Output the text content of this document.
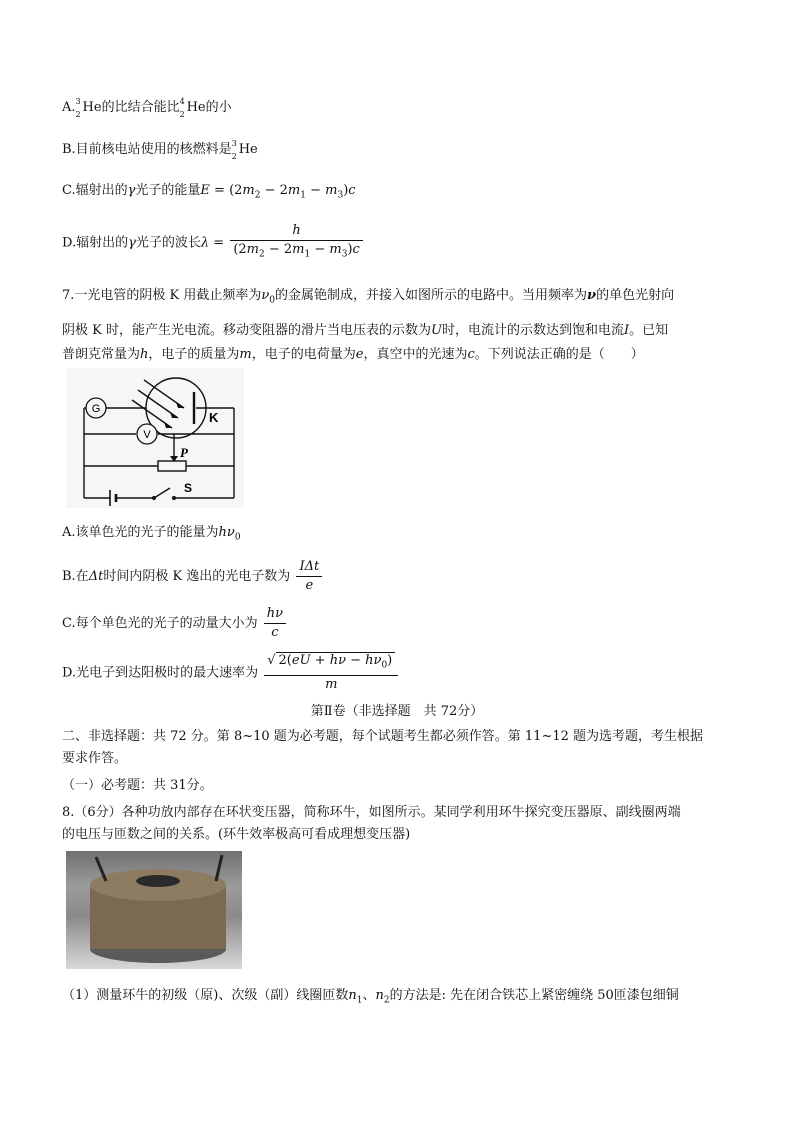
A. 3
2 He的比结合能比 4
2 He的小
B.目前核电站使用的核燃料是 3
2 He
C.辐射出的γ光子的能量$E = (2m_2 - 2m_1 - m_3)c$
D.辐射出的γ光子的波长$\lambda = \frac{h}{(2m_2 - 2m_1 - m_3)c}$
7.一光电管的阴极 K 用截止频率为$\nu_0$的金属铯制成，并接入如图所示的电路中。当用频率为ν的单色光射向
阴极 K 时，能产生光电流。移动变阻器的滑片当电压表的示数为U时，电流计的示数达到饱和电流I。已知
普朗克常量为h，电子的质量为m，电子的电荷量为e，真空中的光速为c。下列说法正确的是（　　）
G
V
K
P
S
A.该单色光的光子的能量为$h\nu_0$
B.在Δt时间内阴极 K 逸出的光电子数为 $\frac{\text{IΔt}}{e}$
C.每个单色光的光子的动量大小为 $\frac{h\nu}{c}$
D.光电子到达阳极时的最大速率为 $\frac{√ 2(eU + h\nu - h\nu_0)}{m}$
第Ⅱ卷（非选择题　共 72分）
二、非选择题：共 72 分。第 8~10 题为必考题，每个试题考生都必须作答。第 11~12 题为选考题，考生根据
要求作答。
（一）必考题：共 31分。
8.（6分）各种功放内部存在环状变压器，简称环牛，如图所示。某同学利用环牛探究变压器原、副线圈两端
的电压与匝数之间的关系。(环牛效率极高可看成理想变压器)
（1）测量环牛的初级（原)、次级（副）线圈匝数$n_1$、$n_2$的方法是: 先在闭合铁芯上紧密缠绕 50匝漆包细铜
